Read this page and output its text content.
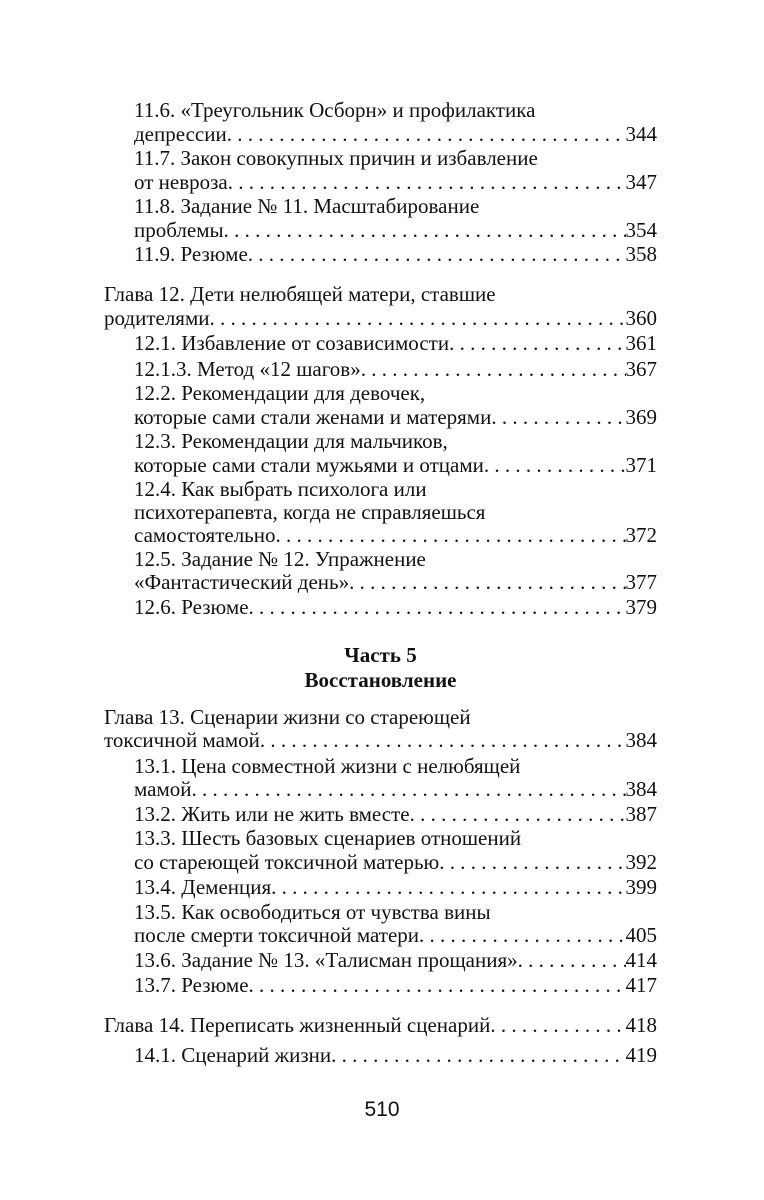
11.6. «Треугольник Осборн» и профилактика
депрессии . . .	344
11.7. Закон совокупных причин и избавление
от невроза . . .	347
11.8. Задание № 11. Масштабирование
проблемы . . .	354
11.9. Резюме . . .	358
Глава 12. Дети нелюбящей матери, ставшие
родителями . . .	360
12.1. Избавление от созависимости . . .	361
12.1.3. Метод «12 шагов» . . .	367
12.2. Рекомендации для девочек,
которые сами стали женами и матерями . . .	369
12.3. Рекомендации для мальчиков,
которые сами стали мужьями и отцами . . .	371
12.4. Как выбрать психолога или
психотерапевта, когда не справляешься
самостоятельно . . .	372
12.5. Задание № 12. Упражнение
«Фантастический день» . . .	377
12.6. Резюме . . .	379
Часть 5
Восстановление
Глава 13. Сценарии жизни со стареющей
токсичной мамой . . .	384
13.1. Цена совместной жизни с нелюбящей
мамой . . .	384
13.2. Жить или не жить вместе . . .	387
13.3. Шесть базовых сценариев отношений
со стареющей токсичной матерью . . .	392
13.4. Деменция . . .	399
13.5. Как освободиться от чувства вины
после смерти токсичной матери . . .	405
13.6. Задание № 13. «Талисман прощания» . . .	414
13.7. Резюме . . .	417
Глава 14. Переписать жизненный сценарий . . .	418
14.1. Сценарий жизни . . .	419
510
